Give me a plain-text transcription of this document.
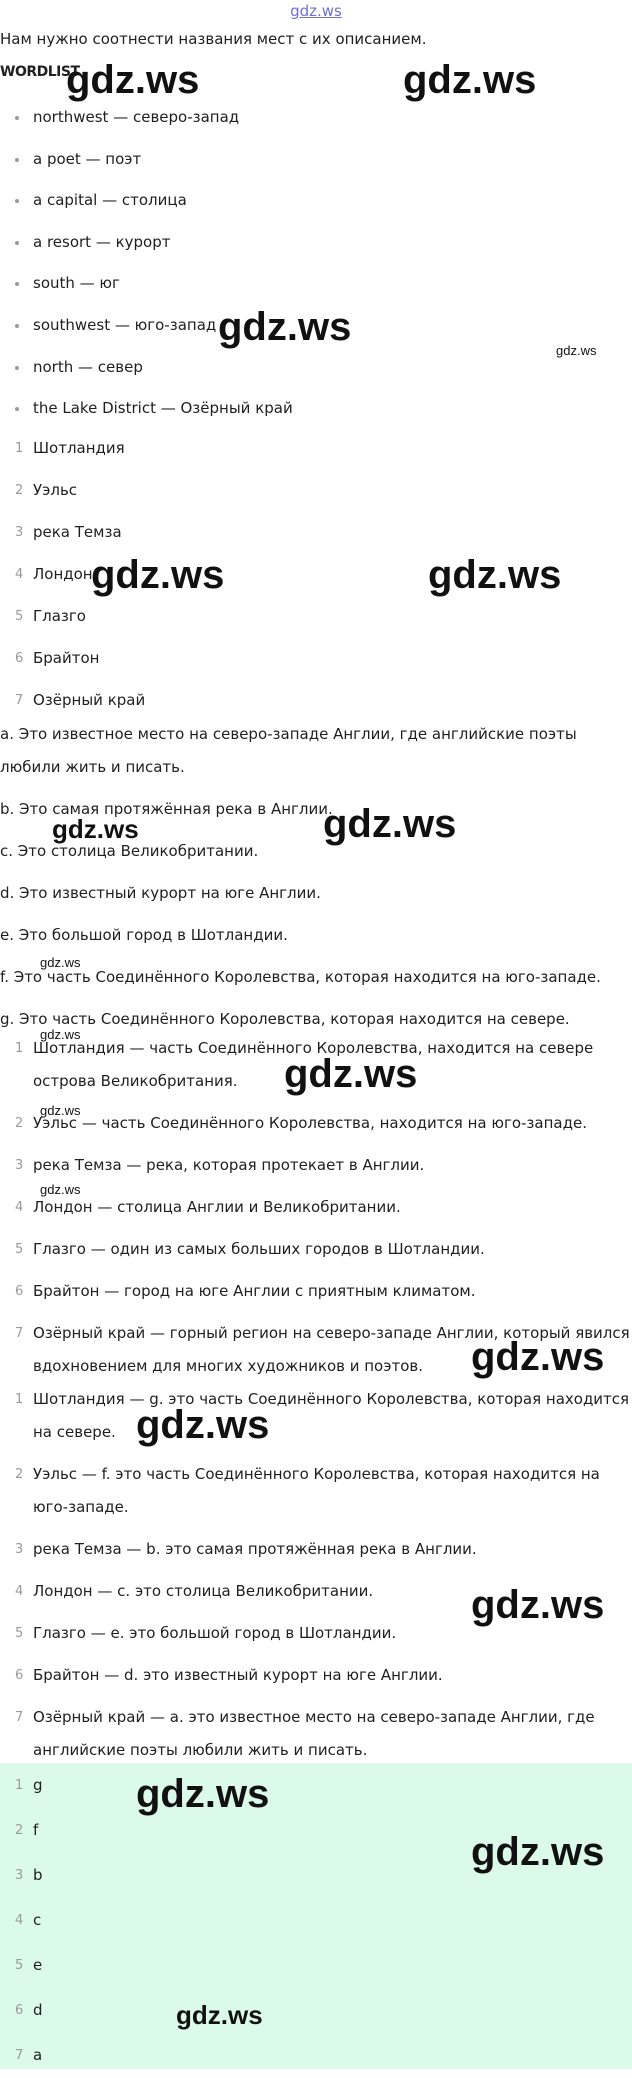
gdz.ws
Нам нужно соотнести названия мест с их описанием.
WORDLIST
northwest — северо-запад
a poet — поэт
a capital — столица
a resort — курорт
south — юг
southwest — юго-запад
north — север
the Lake District — Озёрный край
1 Шотландия
2 Уэльс
3 река Темза
4 Лондон
5 Глазго
6 Брайтон
7 Озёрный край
a. Это известное место на северо-западе Англии, где английские поэты
любили жить и писать.
b. Это самая протяжённая река в Англии.
c. Это столица Великобритании.
d. Это известный курорт на юге Англии.
e. Это большой город в Шотландии.
f. Это часть Соединённого Королевства, которая находится на юго-западе.
g. Это часть Соединённого Королевства, которая находится на севере.
1 Шотландия — часть Соединённого Королевства, находится на севере
острова Великобритания.
2 Уэльс — часть Соединённого Королевства, находится на юго-западе.
3 река Темза — река, которая протекает в Англии.
4 Лондон — столица Англии и Великобритании.
5 Глазго — один из самых больших городов в Шотландии.
6 Брайтон — город на юге Англии с приятным климатом.
7 Озёрный край — горный регион на северо-западе Англии, который явился
вдохновением для многих художников и поэтов.
1 Шотландия — g. это часть Соединённого Королевства, которая находится
на севере.
2 Уэльс — f. это часть Соединённого Королевства, которая находится на
юго-западе.
3 река Темза — b. это самая протяжённая река в Англии.
4 Лондон — c. это столица Великобритании.
5 Глазго — e. это большой город в Шотландии.
6 Брайтон — d. это известный курорт на юге Англии.
7 Озёрный край — a. это известное место на северо-западе Англии, где
английские поэты любили жить и писать.
1 g
2 f
3 b
4 c
5 e
6 d
7 a
gdz.ws	gdz.ws
gdz.ws
gdz.ws
gdz.ws	gdz.ws
gdz.ws	gdz.ws
gdz.ws
gdz.ws
gdz.ws
gdz.ws
gdz.ws
gdz.ws
gdz.ws
gdz.ws
gdz.ws
gdz.ws
gdz.ws
